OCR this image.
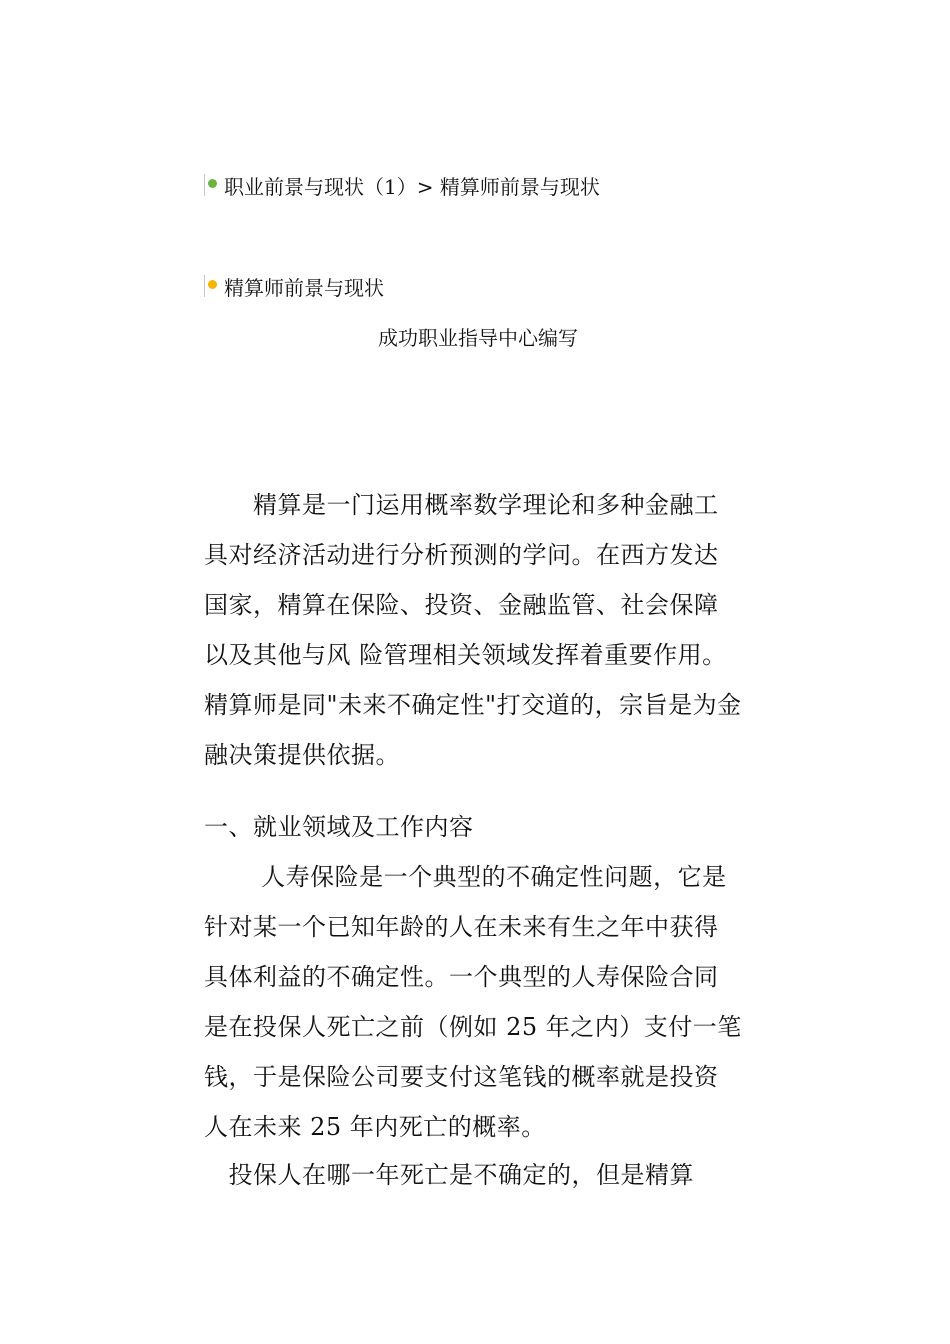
职业前景与现状（1）> 精算师前景与现状
精算师前景与现状
成功职业指导中心编写

　　精算是一门运用概率数学理论和多种金融工
具对经济活动进行分析预测的学问。在西方发达
国家，精算在保险、投资、金融监管、社会保障
以及其他与风 险管理相关领域发挥着重要作用。
精算师是同"未来不确定性"打交道的，宗旨是为金
融决策提供依据。

一、就业领域及工作内容

　　 人寿保险是一个典型的不确定性问题，它是
针对某一个已知年龄的人在未来有生之年中获得
具体利益的不确定性。一个典型的人寿保险合同
是在投保人死亡之前（例如 25 年之内）支付一笔
钱，于是保险公司要支付这笔钱的概率就是投资
人在未来 25 年内死亡的概率。

　投保人在哪一年死亡是不确定的，但是精算
